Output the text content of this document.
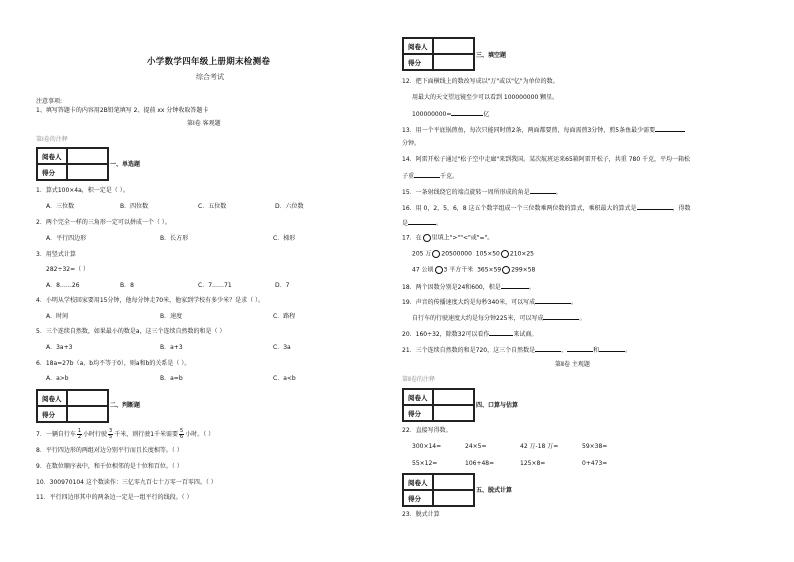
小学数学四年级上册期末检测卷
综合考试
注意事项:
1、填写答题卡的内容用2B铅笔填写 2、提前 xx 分钟收取答题卡
第Ⅰ卷 客观题
第Ⅰ卷的注释
阅卷人
得分
一、单选题
1．算式100×4a，积一定是（ ）。
A．三位数	B．四位数	C．五位数	D．六位数
2．两个完全一样的三角形一定可以拼成一个（ ）。
A．平行四边形	B．长方形	C．梯形
3．用竖式计算
282÷32=（ ）
A．8……26	B．8	C．7……71	D．7
4．小明从学校回家要用15分钟，他每分钟走70米，他家到学校有多少米？是求（ ）。
A．时间	B．速度	C．路程
5．三个连续自然数，如果最小的数是a，这三个连续自然数的和是（ ）
A．3a+3	B．a+3	C．3a
6．18a=27b（a、b均不等于0），则a和b的关系是（ ）。
A．a>b	B．a=b	C．a<b
阅卷人
得分
二、判断题
7．一辆自行车 $\frac{1}{2}$ 小时行驶 $\frac{3}{5}$ 千米，则行驶1千米需要 $\frac{5}{6}$ 小时。（ ）
8．平行四边形的两组对边分别平行而且长度相等。（ ）
9．在数位顺序表中，和千位相邻的是十位和百位。（ ）
10．300970104 这个数读作：三亿零九百七十万零一百零四。（ ）
11．平行四边形其中的两条边一定是一组平行的线段。（ ）
阅卷人
得分
三、填空题
12．把下面横线上的数改写成以"万"或以"亿"为单位的数。
用最大的天文望远镜至少可以看到 100000000 颗星。
100000000=	亿
13．用一个平底锅煎鱼，每次只能同时煎2条，两面都要煎，每面需煎3分钟，煎5条鱼最少需要
分钟。
14．阿雷开松子通过"松子空中走廊"来到我国。某次航班运来65箱阿雷开松子，共重 780 千克，平均一箱松
子重	千克。
15．一条射线绕它的端点旋转一周所形成的角是	。
16．用 0，2，5，6，8 这五个数字组成一个三位数乘两位数的算式，乘积最大的算式是	，得数
是	。
17．在 里填上">""<"或"="。
205 万 20500000 105×50 210×25
47 公顷 3 平方千米 365×59 299×58
18．两个因数分别是24和600，积是	。
19．声音的传播速度大约是每秒340米，可以写成	。
自行车的行驶速度大约是每分钟225米，可以写成	。
20．160÷32，除数32可以看作	来试商。
21．三个连续自然数的和是720，这三个自然数是	、	和	。
第Ⅱ卷 主观题
第Ⅱ卷的注释
阅卷人
得分
四、口算与估算
22．直接写得数。
300×14=	24×5=	42 万-18 万=	59×38=
55×12=	106+48=	125×8=	0+473=
阅卷人
得分
五、脱式计算
23．脱式计算
